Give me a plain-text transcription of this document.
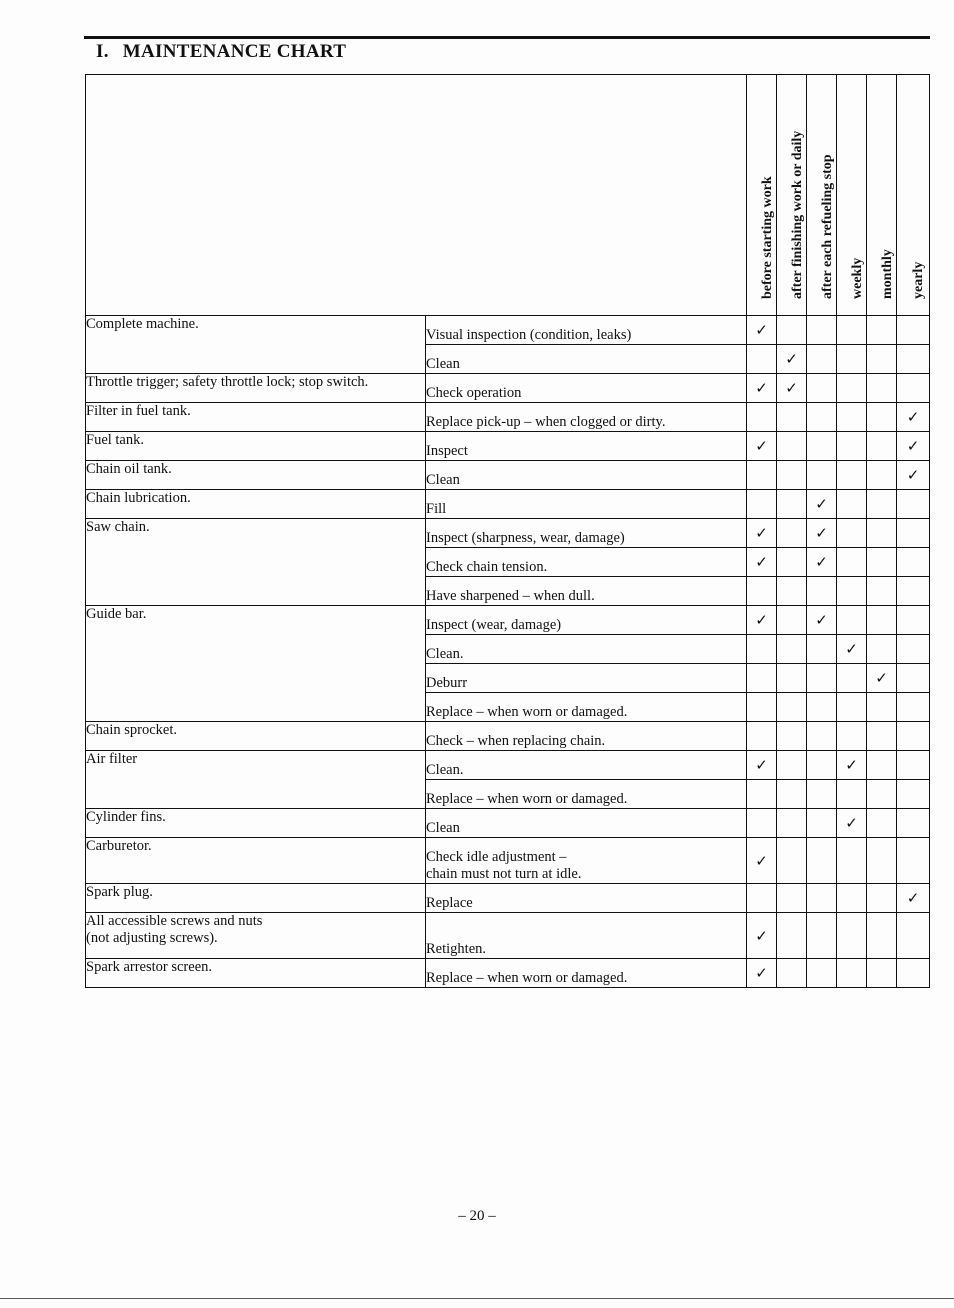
I. MAINTENANCE CHART

		before starting work	after finishing work or daily	after each refueling stop	weekly	monthly	yearly

Complete machine.	Visual inspection (condition, leaks)	✓					
	Clean		✓				
Throttle trigger; safety throttle lock; stop switch.	Check operation	✓	✓				
Filter in fuel tank.	Replace pick-up – when clogged or dirty.						✓
Fuel tank.	Inspect	✓					✓
Chain oil tank.	Clean						✓
Chain lubrication.	Fill			✓			
Saw chain.	Inspect (sharpness, wear, damage)	✓		✓			
	Check chain tension.	✓		✓			
	Have sharpened – when dull.						
Guide bar.	Inspect (wear, damage)	✓		✓			
	Clean.				✓		
	Deburr					✓	
	Replace – when worn or damaged.						
Chain sprocket.	Check – when replacing chain.						
Air filter	Clean.	✓			✓		
	Replace – when worn or damaged.						
Cylinder fins.	Clean				✓		
Carburetor.	Check idle adjustment –
chain must not turn at idle.	✓					
Spark plug.	Replace						✓
All accessible screws and nuts
(not adjusting screws).	Retighten.	✓					
Spark arrestor screen.	Replace – when worn or damaged.	✓					
– 20 –
